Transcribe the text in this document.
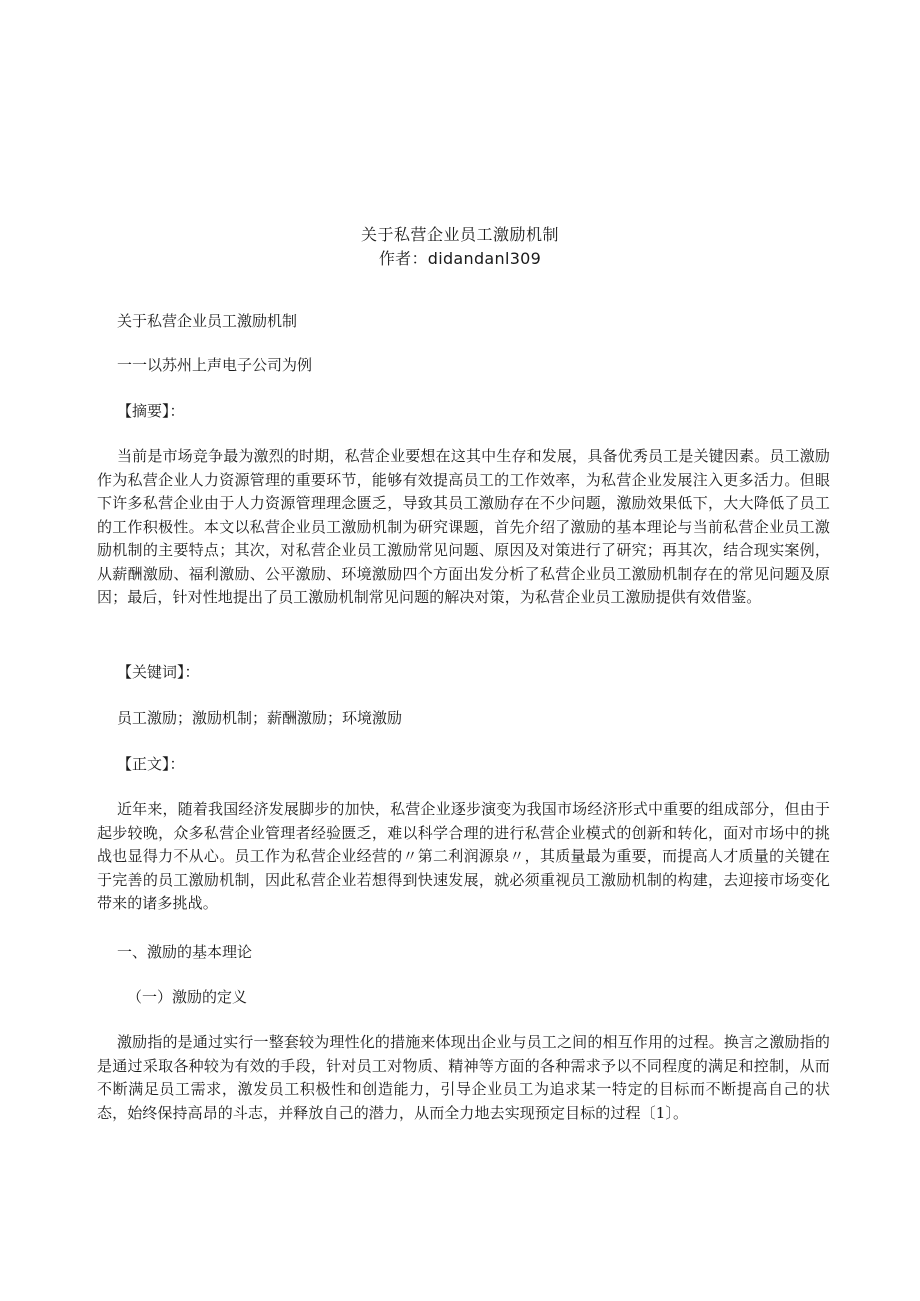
关于私营企业员工激励机制
作者：didandanl309
关于私营企业员工激励机制
一一以苏州上声电子公司为例
【摘要】：
当前是市场竞争最为激烈的时期，私营企业要想在这其中生存和发展，具备优秀员工是关键因素。员工激励作为私营企业人力资源管理的重要环节，能够有效提高员工的工作效率，为私营企业发展注入更多活力。但眼下许多私营企业由于人力资源管理理念匮乏，导致其员工激励存在不少问题，激励效果低下，大大降低了员工的工作积极性。本文以私营企业员工激励机制为研究课题，首先介绍了激励的基本理论与当前私营企业员工激励机制的主要特点；其次，对私营企业员工激励常见问题、原因及对策进行了研究；再其次，结合现实案例，从薪酬激励、福利激励、公平激励、环境激励四个方面出发分析了私营企业员工激励机制存在的常见问题及原因；最后，针对性地提出了员工激励机制常见问题的解决对策，为私营企业员工激励提供有效借鉴。
【关键词】：
员工激励；激励机制；薪酬激励；环境激励
【正文】：
近年来，随着我国经济发展脚步的加快，私营企业逐步演变为我国市场经济形式中重要的组成部分，但由于起步较晚，众多私营企业管理者经验匮乏，难以科学合理的进行私营企业模式的创新和转化，面对市场中的挑战也显得力不从心。员工作为私营企业经营的〃第二利润源泉〃，其质量最为重要，而提高人才质量的关键在于完善的员工激励机制，因此私营企业若想得到快速发展，就必须重视员工激励机制的构建，去迎接市场变化带来的诸多挑战。
一、激励的基本理论
（一）激励的定义
激励指的是通过实行一整套较为理性化的措施来体现出企业与员工之间的相互作用的过程。换言之激励指的是通过采取各种较为有效的手段，针对员工对物质、精神等方面的各种需求予以不同程度的满足和控制，从而不断满足员工需求，激发员工积极性和创造能力，引导企业员工为追求某一特定的目标而不断提高自己的状态，始终保持高昂的斗志，并释放自己的潜力，从而全力地去实现预定目标的过程〔1〕。
